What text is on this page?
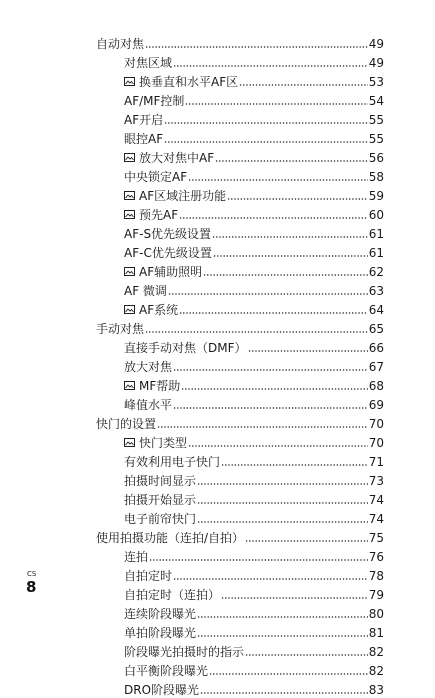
自动对焦	49
对焦区域	49
换垂直和水平AF区	53
AF/MF控制	54
AF开启	55
眼控AF	55
放大对焦中AF	56
中央锁定AF	58
AF区域注册功能	59
预先AF	60
AF-S优先级设置	61
AF-C优先级设置	61
AF辅助照明	62
AF 微调	63
AF系统	64
手动对焦	65
直接手动对焦（DMF）	66
放大对焦	67
MF帮助	68
峰值水平	69
快门的设置	70
快门类型	70
有效利用电子快门	71
拍摄时间显示	73
拍摄开始显示	74
电子前帘快门	74
使用拍摄功能（连拍/自拍）	75
连拍	76
自拍定时	78
自拍定时（连拍）	79
连续阶段曝光	80
单拍阶段曝光	81
阶段曝光拍摄时的指示	82
白平衡阶段曝光	82
DRO阶段曝光	83
CS
8
